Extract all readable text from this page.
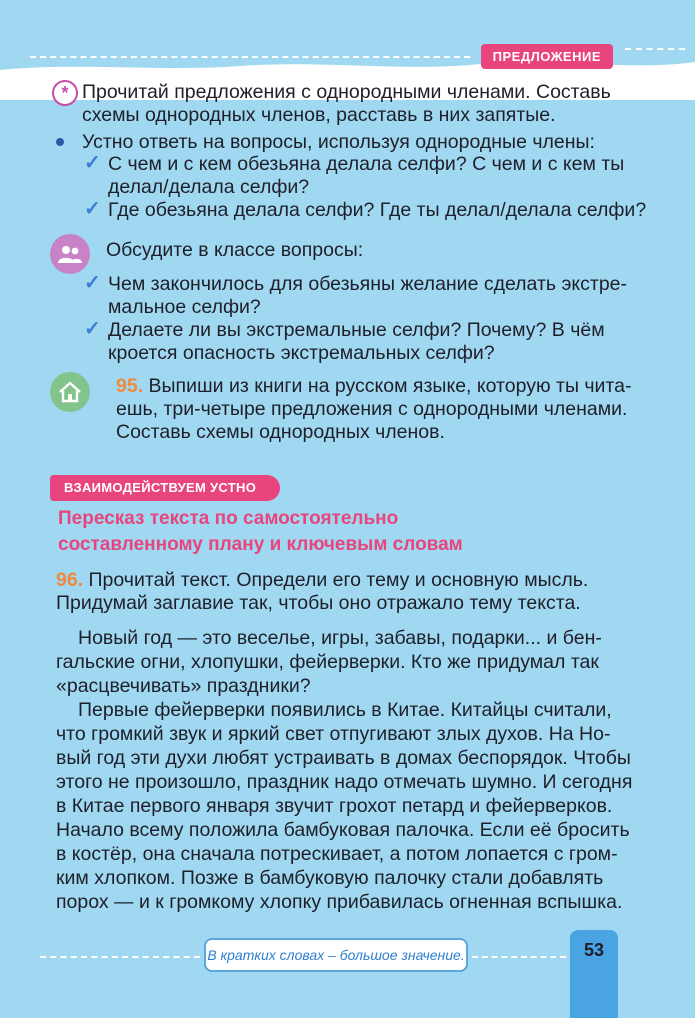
ПРЕДЛОЖЕНИЕ
* Прочитай предложения с однородными членами. Составь
схемы однородных членов, расставь в них запятые.
Устно ответь на вопросы, используя однородные члены:
✓ С чем и с кем обезьяна делала селфи? С чем и с кем ты
делал/делала селфи?
✓ Где обезьяна делала селфи? Где ты делал/делала селфи?
Обсудите в классе вопросы:
✓ Чем закончилось для обезьяны желание сделать экстре-
мальное селфи?
✓ Делаете ли вы экстремальные селфи? Почему? В чём
кроется опасность экстремальных селфи?
95. Выпиши из книги на русском языке, которую ты чита-
ешь, три-четыре предложения с однородными членами.
Составь схемы однородных членов.
ВЗАИМОДЕЙСТВУЕМ УСТНО
Пересказ текста по самостоятельно
составленному плану и ключевым словам
96. Прочитай текст. Определи его тему и основную мысль.
Придумай заглавие так, чтобы оно отражало тему текста.
Новый год — это веселье, игры, забавы, подарки... и бен-
гальские огни, хлопушки, фейерверки. Кто же придумал так
«расцвечивать» праздники?
Первые фейерверки появились в Китае. Китайцы считали,
что громкий звук и яркий свет отпугивают злых духов. На Но-
вый год эти духи любят устраивать в домах беспорядок. Чтобы
этого не произошло, праздник надо отмечать шумно. И сегодня
в Китае первого января звучит грохот петард и фейерверков.
Начало всему положила бамбуковая палочка. Если её бросить
в костёр, она сначала потрескивает, а потом лопается с гром-
ким хлопком. Позже в бамбуковую палочку стали добавлять
порох — и к громкому хлопку прибавилась огненная вспышка.
В кратких словах – большое значение.	53
